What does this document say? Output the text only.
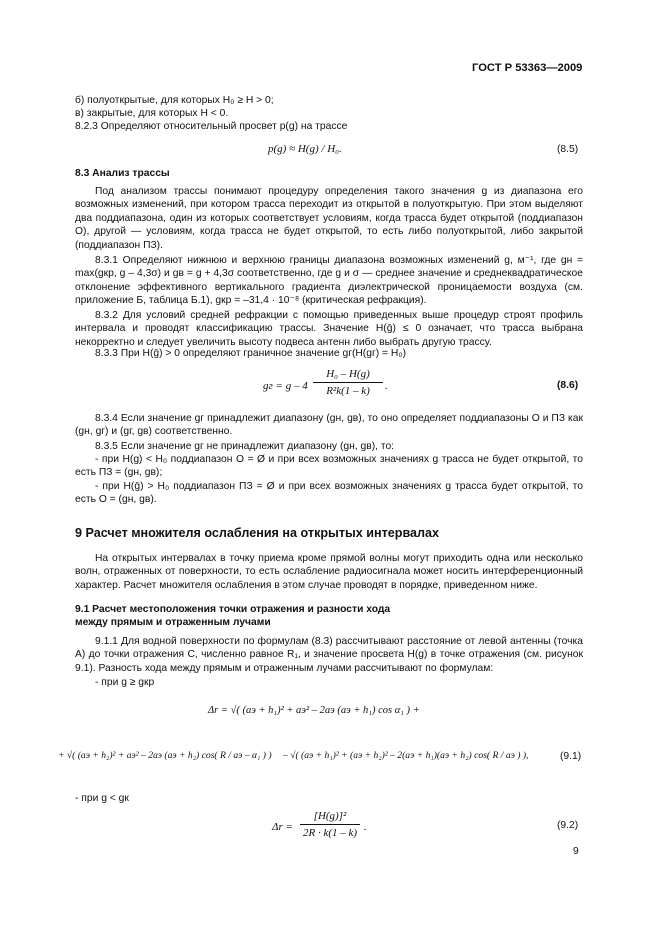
ГОСТ Р 53363—2009
б) полуоткрытые, для которых H₀ ≥ H > 0;
в) закрытые, для которых H < 0.
8.2.3 Определяют относительный просвет p(g) на трассе
p(g) ≈ H(g) / H₀.	(8.5)
8.3 Анализ трассы
Под анализом трассы понимают процедуру определения такого значения g из диапазона его возможных изменений, при котором трасса переходит из открытой в полуоткрытую. При этом выделяют два поддиапазона, один из которых соответствует условиям, когда трасса будет открытой (поддиапазон О), другой — условиям, когда трасса не будет открытой, то есть либо полуоткрытой, либо закрытой (поддиапазон ПЗ).
8.3.1 Определяют нижнюю и верхнюю границы диапазона возможных изменений g, м⁻¹, где gн = max(gкр, g – 4,3σ) и gв = g + 4,3σ соответственно, где g и σ — среднее значение и среднеквадратическое отклонение эффективного вертикального градиента диэлектрической проницаемости воздуха (см. приложение Б, таблица Б.1), gкр = –31,4 · 10⁻⁸ (критическая рефракция).
8.3.2 Для условий средней рефракции с помощью приведенных выше процедур строят профиль интервала и проводят классификацию трассы. Значение H(ḡ) ≤ 0 означает, что трасса выбрана некорректно и следует увеличить высоту подвеса антенн либо выбрать другую трассу.
8.3.3 При H(ḡ) > 0 определяют граничное значение gг(H(gг) = H₀)
gг = g – 4
H₀ – H(g)
R²k(1 – k)	.	(8.6)
8.3.4 Если значение gг принадлежит диапазону (gн, gв), то оно определяет поддиапазоны О и ПЗ как (gн, gг) и (gг, gв) соответственно.
8.3.5 Если значение gг не принадлежит диапазону (gн, gв), то:
- при H(g) < H₀ поддиапазон О = Ø и при всех возможных значениях g трасса не будет открытой, то есть ПЗ = (gн, gв);
- при H(ḡ) > H₀ поддиапазон ПЗ = Ø и при всех возможных значениях g трасса будет открытой, то есть О = (gн, gв).
9 Расчет множителя ослабления на открытых интервалах
На открытых интервалах в точку приема кроме прямой волны могут приходить одна или несколько волн, отраженных от поверхности, то есть ослабление радиосигнала может носить интерференционный характер. Расчет множителя ослабления в этом случае проводят в порядке, приведенном ниже.
9.1 Расчет местоположения точки отражения и разности хода
между прямым и отраженным лучами
9.1.1 Для водной поверхности по формулам (8.3) рассчитывают расстояние от левой антенны (точка A) до точки отражения C, численно равное R₁, и значение просвета H(g) в точке отражения (см. рисунок 9.1). Разность хода между прямым и отраженным лучами рассчитывают по формулам:
- при g ≥ gкр
Δr = √( (aэ + h₁)² + aэ² – 2aэ (aэ + h₁) cos α₁ ) +
+ √( (aэ + h₂)² + aэ² – 2aэ (aэ + h₂) cos( R / aэ – α₁ ) ) – √( (aэ + h₁)² + (aэ + h₂)² – 2(aэ + h₁)(aэ + h₂) cos( R / aэ ) ),	(9.1)
- при g < gк
Δr =
[H(g)]²
2R · k(1 – k) .	(9.2)
9
